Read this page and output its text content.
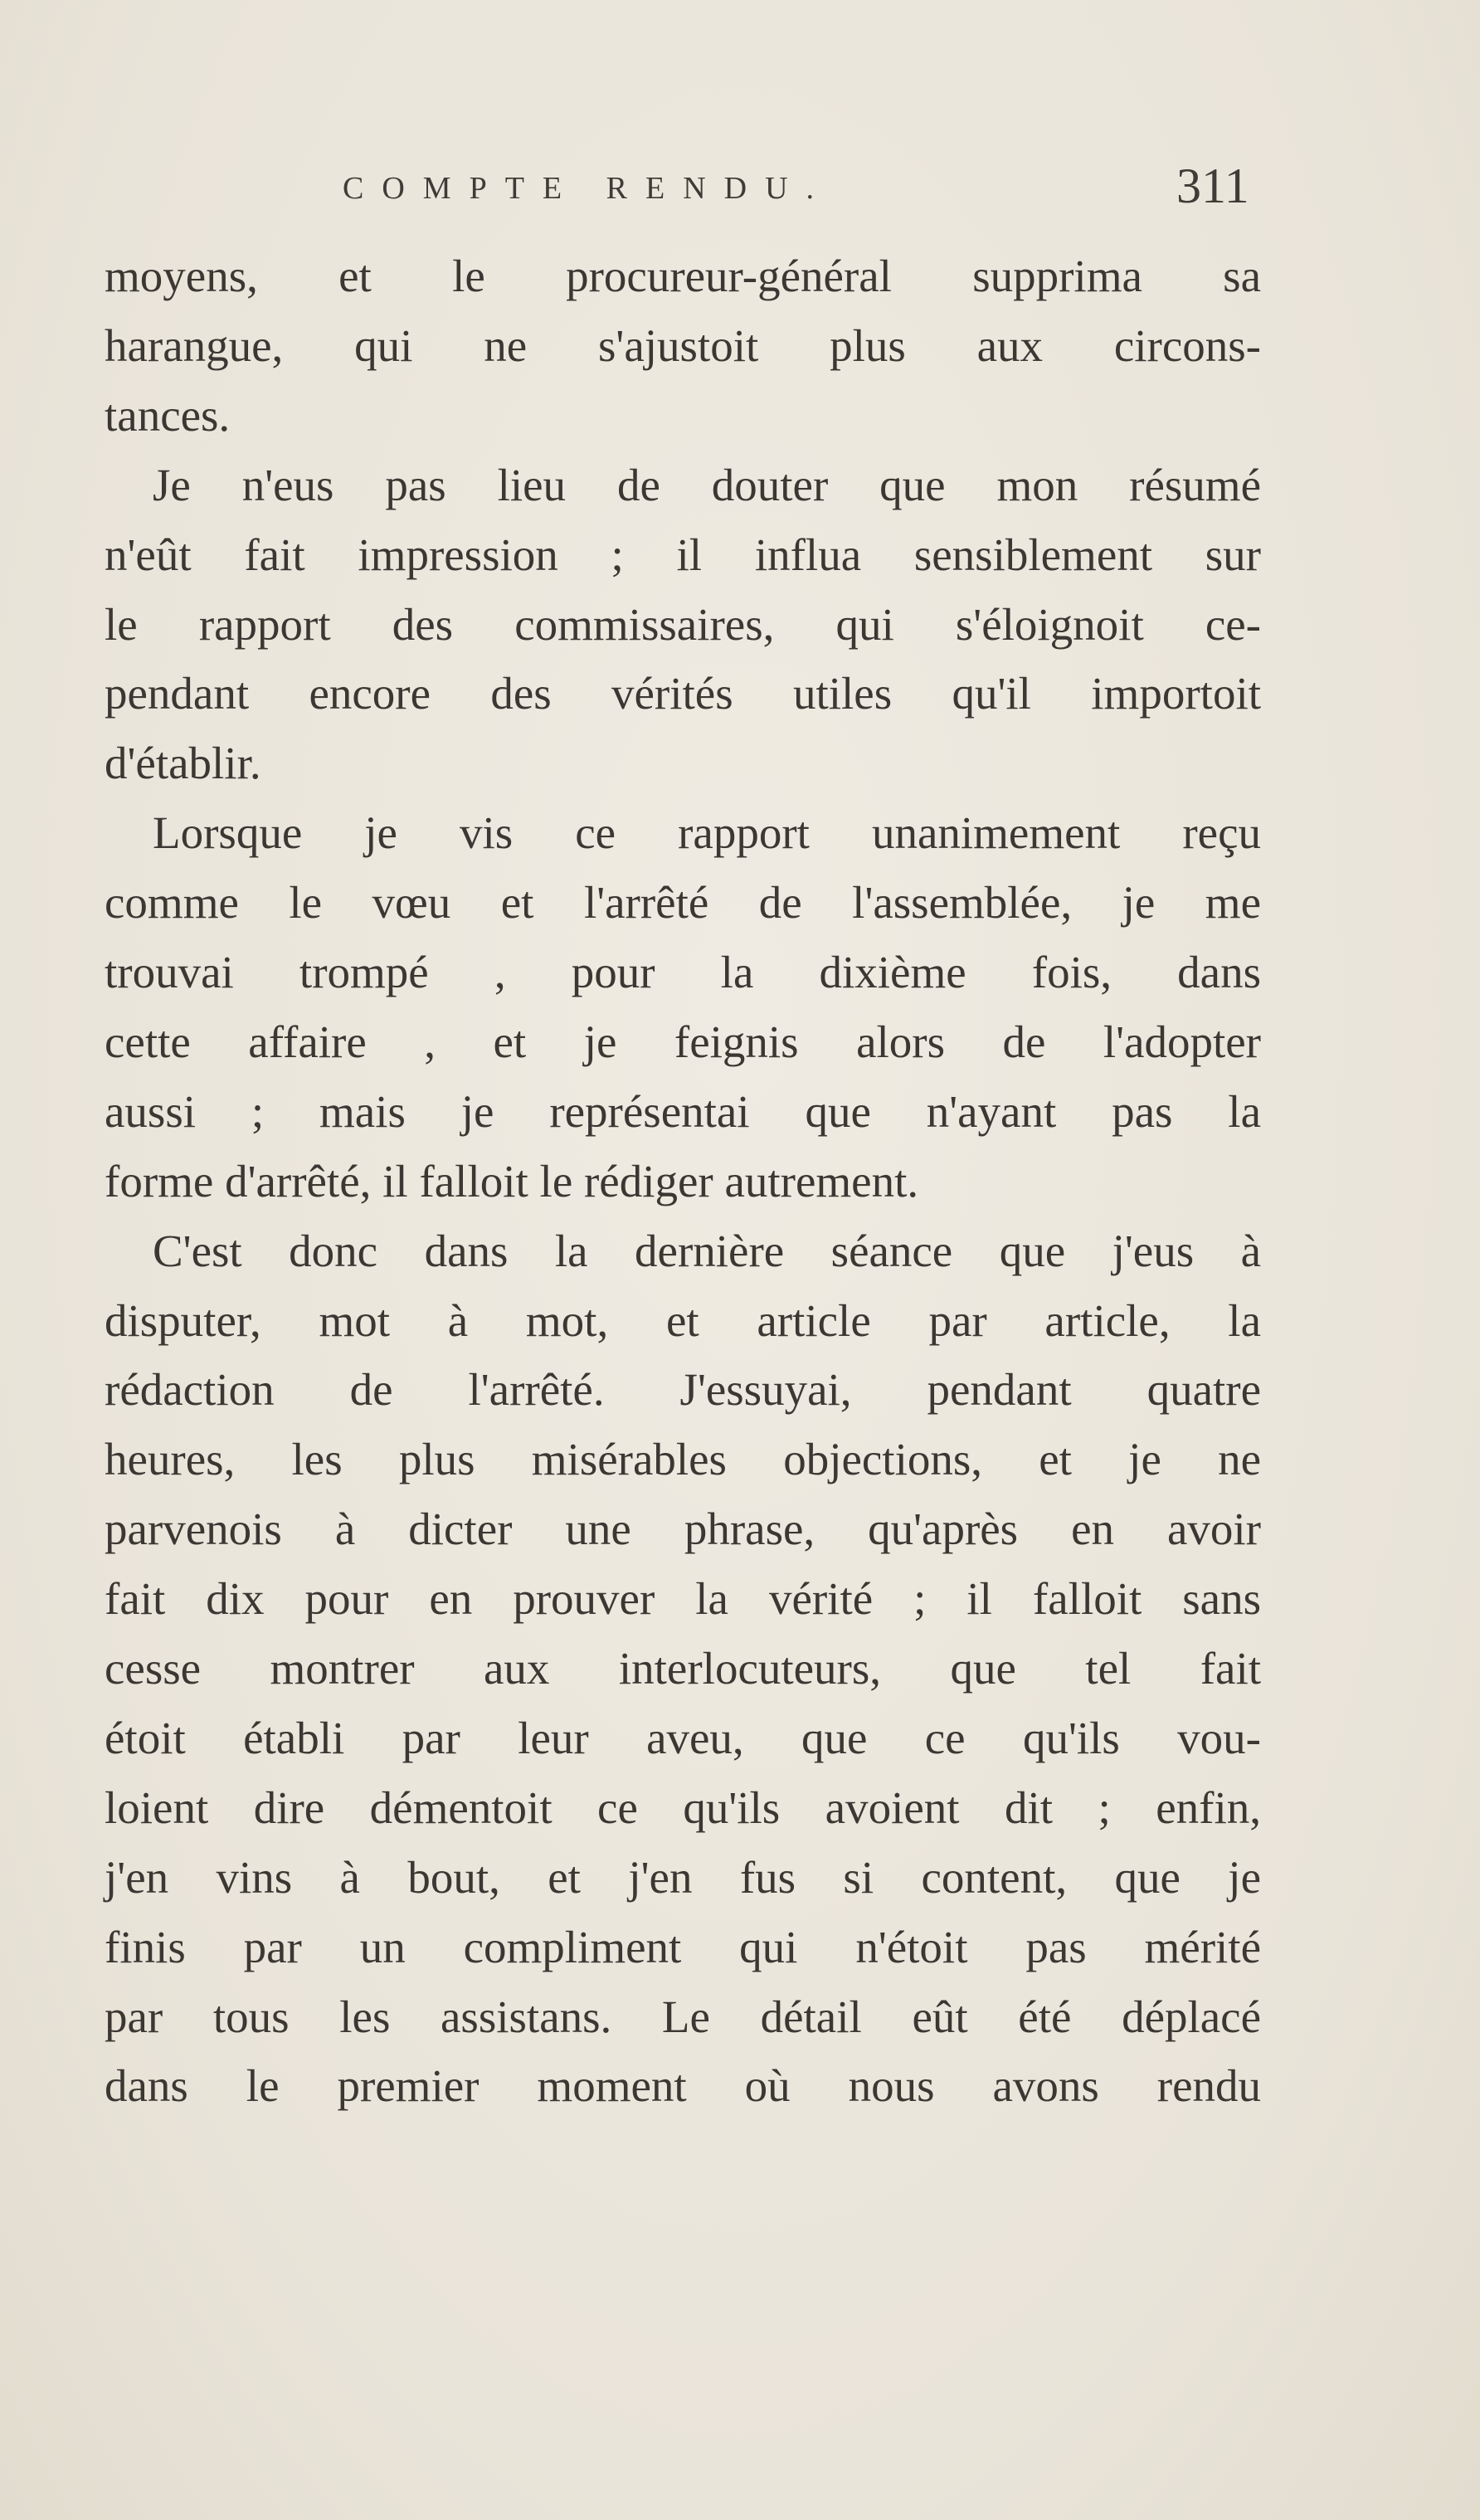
COMPTE RENDU.	311
moyens, et le procureur-général supprima sa
harangue, qui ne s'ajustoit plus aux circons-
tances.
Je n'eus pas lieu de douter que mon résumé
n'eût fait impression ; il influa sensiblement sur
le rapport des commissaires, qui s'éloignoit ce-
pendant encore des vérités utiles qu'il importoit
d'établir.
Lorsque je vis ce rapport unanimement reçu
comme le vœu et l'arrêté de l'assemblée, je me
trouvai trompé , pour la dixième fois, dans
cette affaire , et je feignis alors de l'adopter
aussi ; mais je représentai que n'ayant pas la
forme d'arrêté, il falloit le rédiger autrement.
C'est donc dans la dernière séance que j'eus à
disputer, mot à mot, et article par article, la
rédaction de l'arrêté. J'essuyai, pendant quatre
heures, les plus misérables objections, et je ne
parvenois à dicter une phrase, qu'après en avoir
fait dix pour en prouver la vérité ; il falloit sans
cesse montrer aux interlocuteurs, que tel fait
étoit établi par leur aveu, que ce qu'ils vou-
loient dire démentoit ce qu'ils avoient dit ; enfin,
j'en vins à bout, et j'en fus si content, que je
finis par un compliment qui n'étoit pas mérité
par tous les assistans. Le détail eût été déplacé
dans le premier moment où nous avons rendu
